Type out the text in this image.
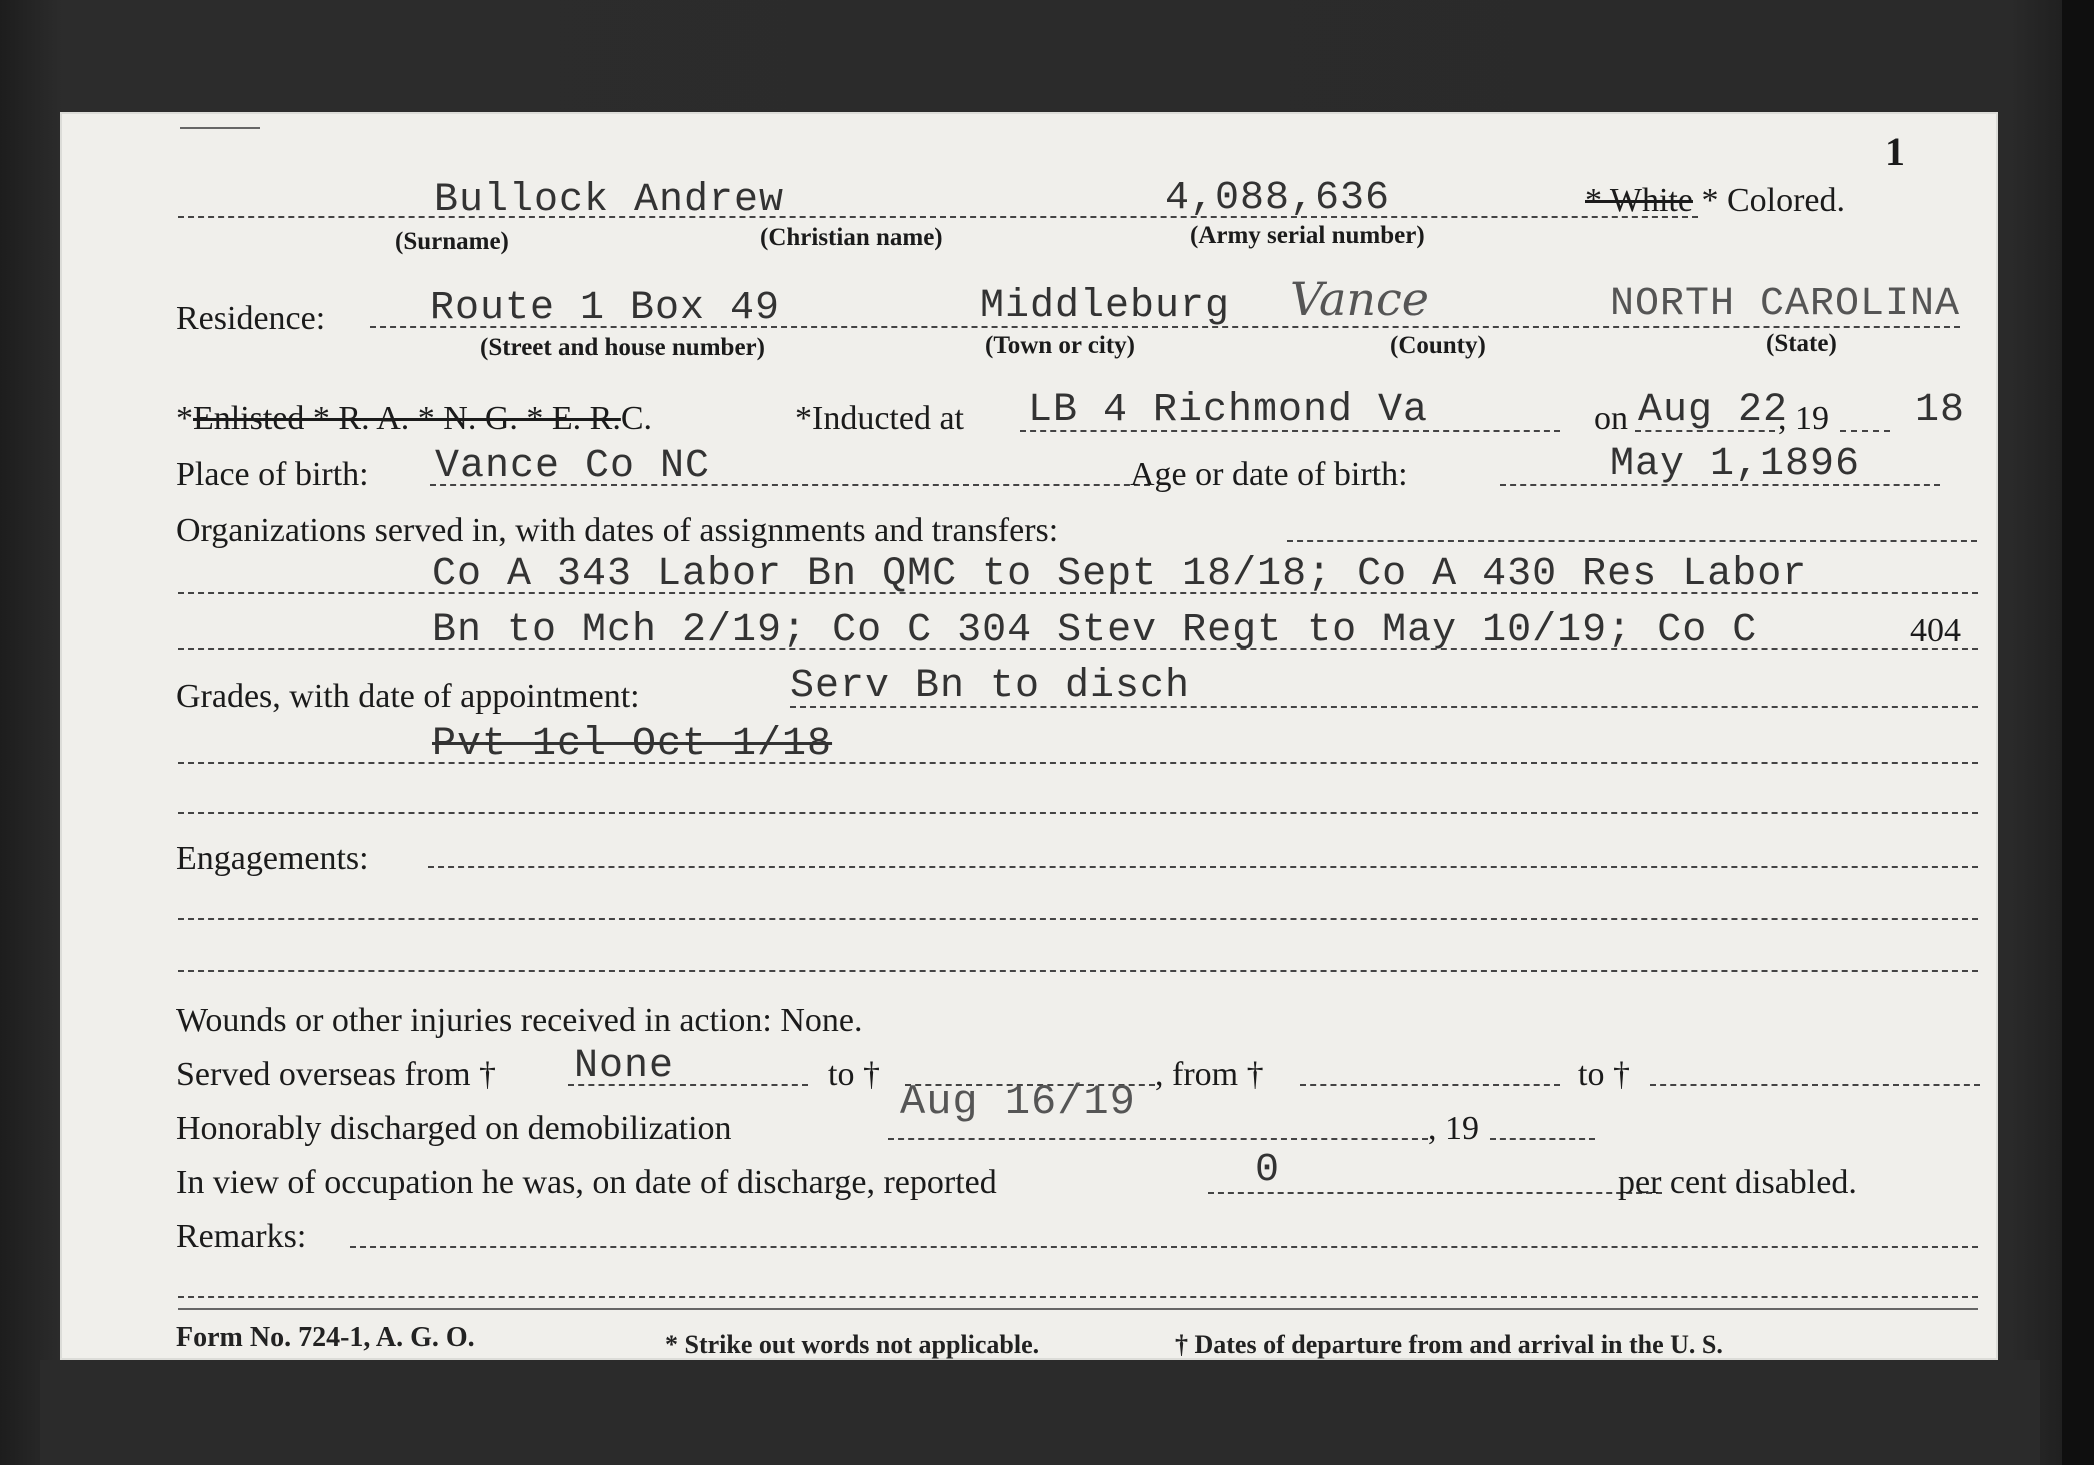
1
Bullock Andrew	4,088,636	* White * Colored.
(Surname)	(Christian name)	(Army serial number)
Residence:	Route 1 Box 49	Middleburg Vance	NORTH CAROLINA
(Street and house number)	(Town or city)	(County)	(State)
*Enlisted * R. A. * N. G. * E. R.C.	*Inducted at LB 4 Richmond Va	on Aug 22
, 19 18
Place of birth: Vance Co NC	Age or date of birth:	May 1,1896
Organizations served in, with dates of assignments and transfers:
Co A 343 Labor Bn QMC to Sept 18/18; Co A 430 Res Labor
Bn to Mch 2/19; Co C 304 Stev Regt to May 10/19; Co C	404
Grades, with date of appointment:	Serv Bn to disch
Pvt 1cl Oct 1/18
Engagements:
Wounds or other injuries received in action: None.
Served overseas from † None	to †	, from †	to †
Honorably discharged on demobilization
Aug 16/19
, 19
In view of occupation he was, on date of discharge, reported	0	per cent disabled.
Remarks:
Form No. 724-1, A. G. O.	* Strike out words not applicable.	† Dates of departure from and arrival in the U. S.
